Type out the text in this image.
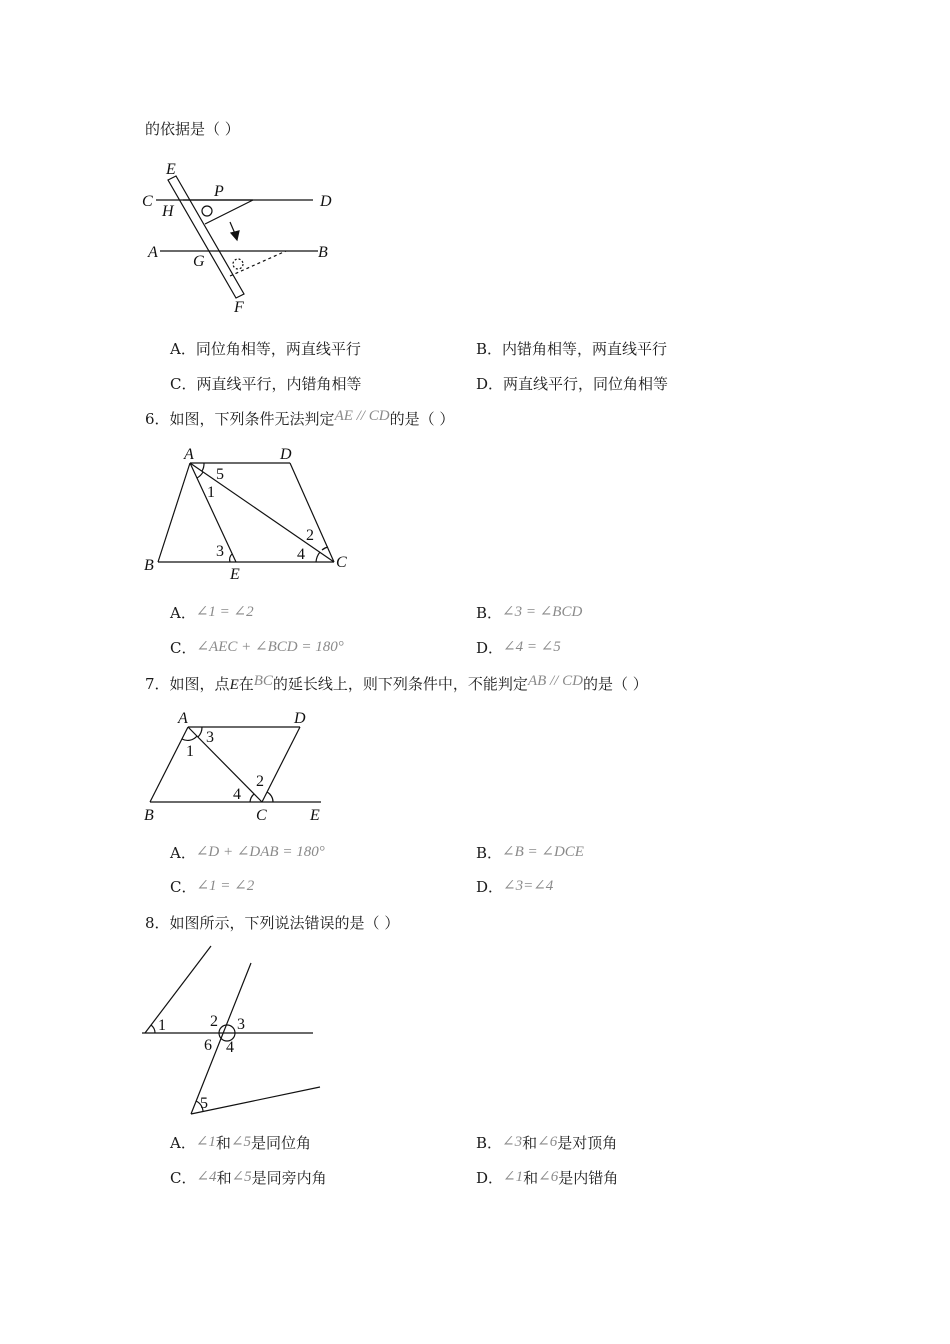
的依据是（ ）
E
P
C	D
H
A
G
B
F
A．同位角相等，两直线平行	B．内错角相等，两直线平行
C．两直线平行，内错角相等	D．两直线平行，同位角相等
6．如图，下列条件无法判定AE // CD的是（ ）
A	D
B
E
C
5
1
3	4
2
A．∠1 = ∠2	B．∠3 = ∠BCD
C．∠AEC + ∠BCD = 180°	D．∠4 = ∠5
7．如图，点E在BC的延长线上，则下列条件中，不能判定AB // CD的是（ ）
A	D
B	C	E
3
1
2
4
A．∠D + ∠DAB = 180°	B．∠B = ∠DCE
C．∠1 = ∠2	D．∠3=∠4
8．如图所示，下列说法错误的是（ ）
1	2 3
6 4
5
A．∠1和∠5是同位角	B．∠3和∠6是对顶角
C．∠4和∠5是同旁内角	D．∠1和∠6是内错角
